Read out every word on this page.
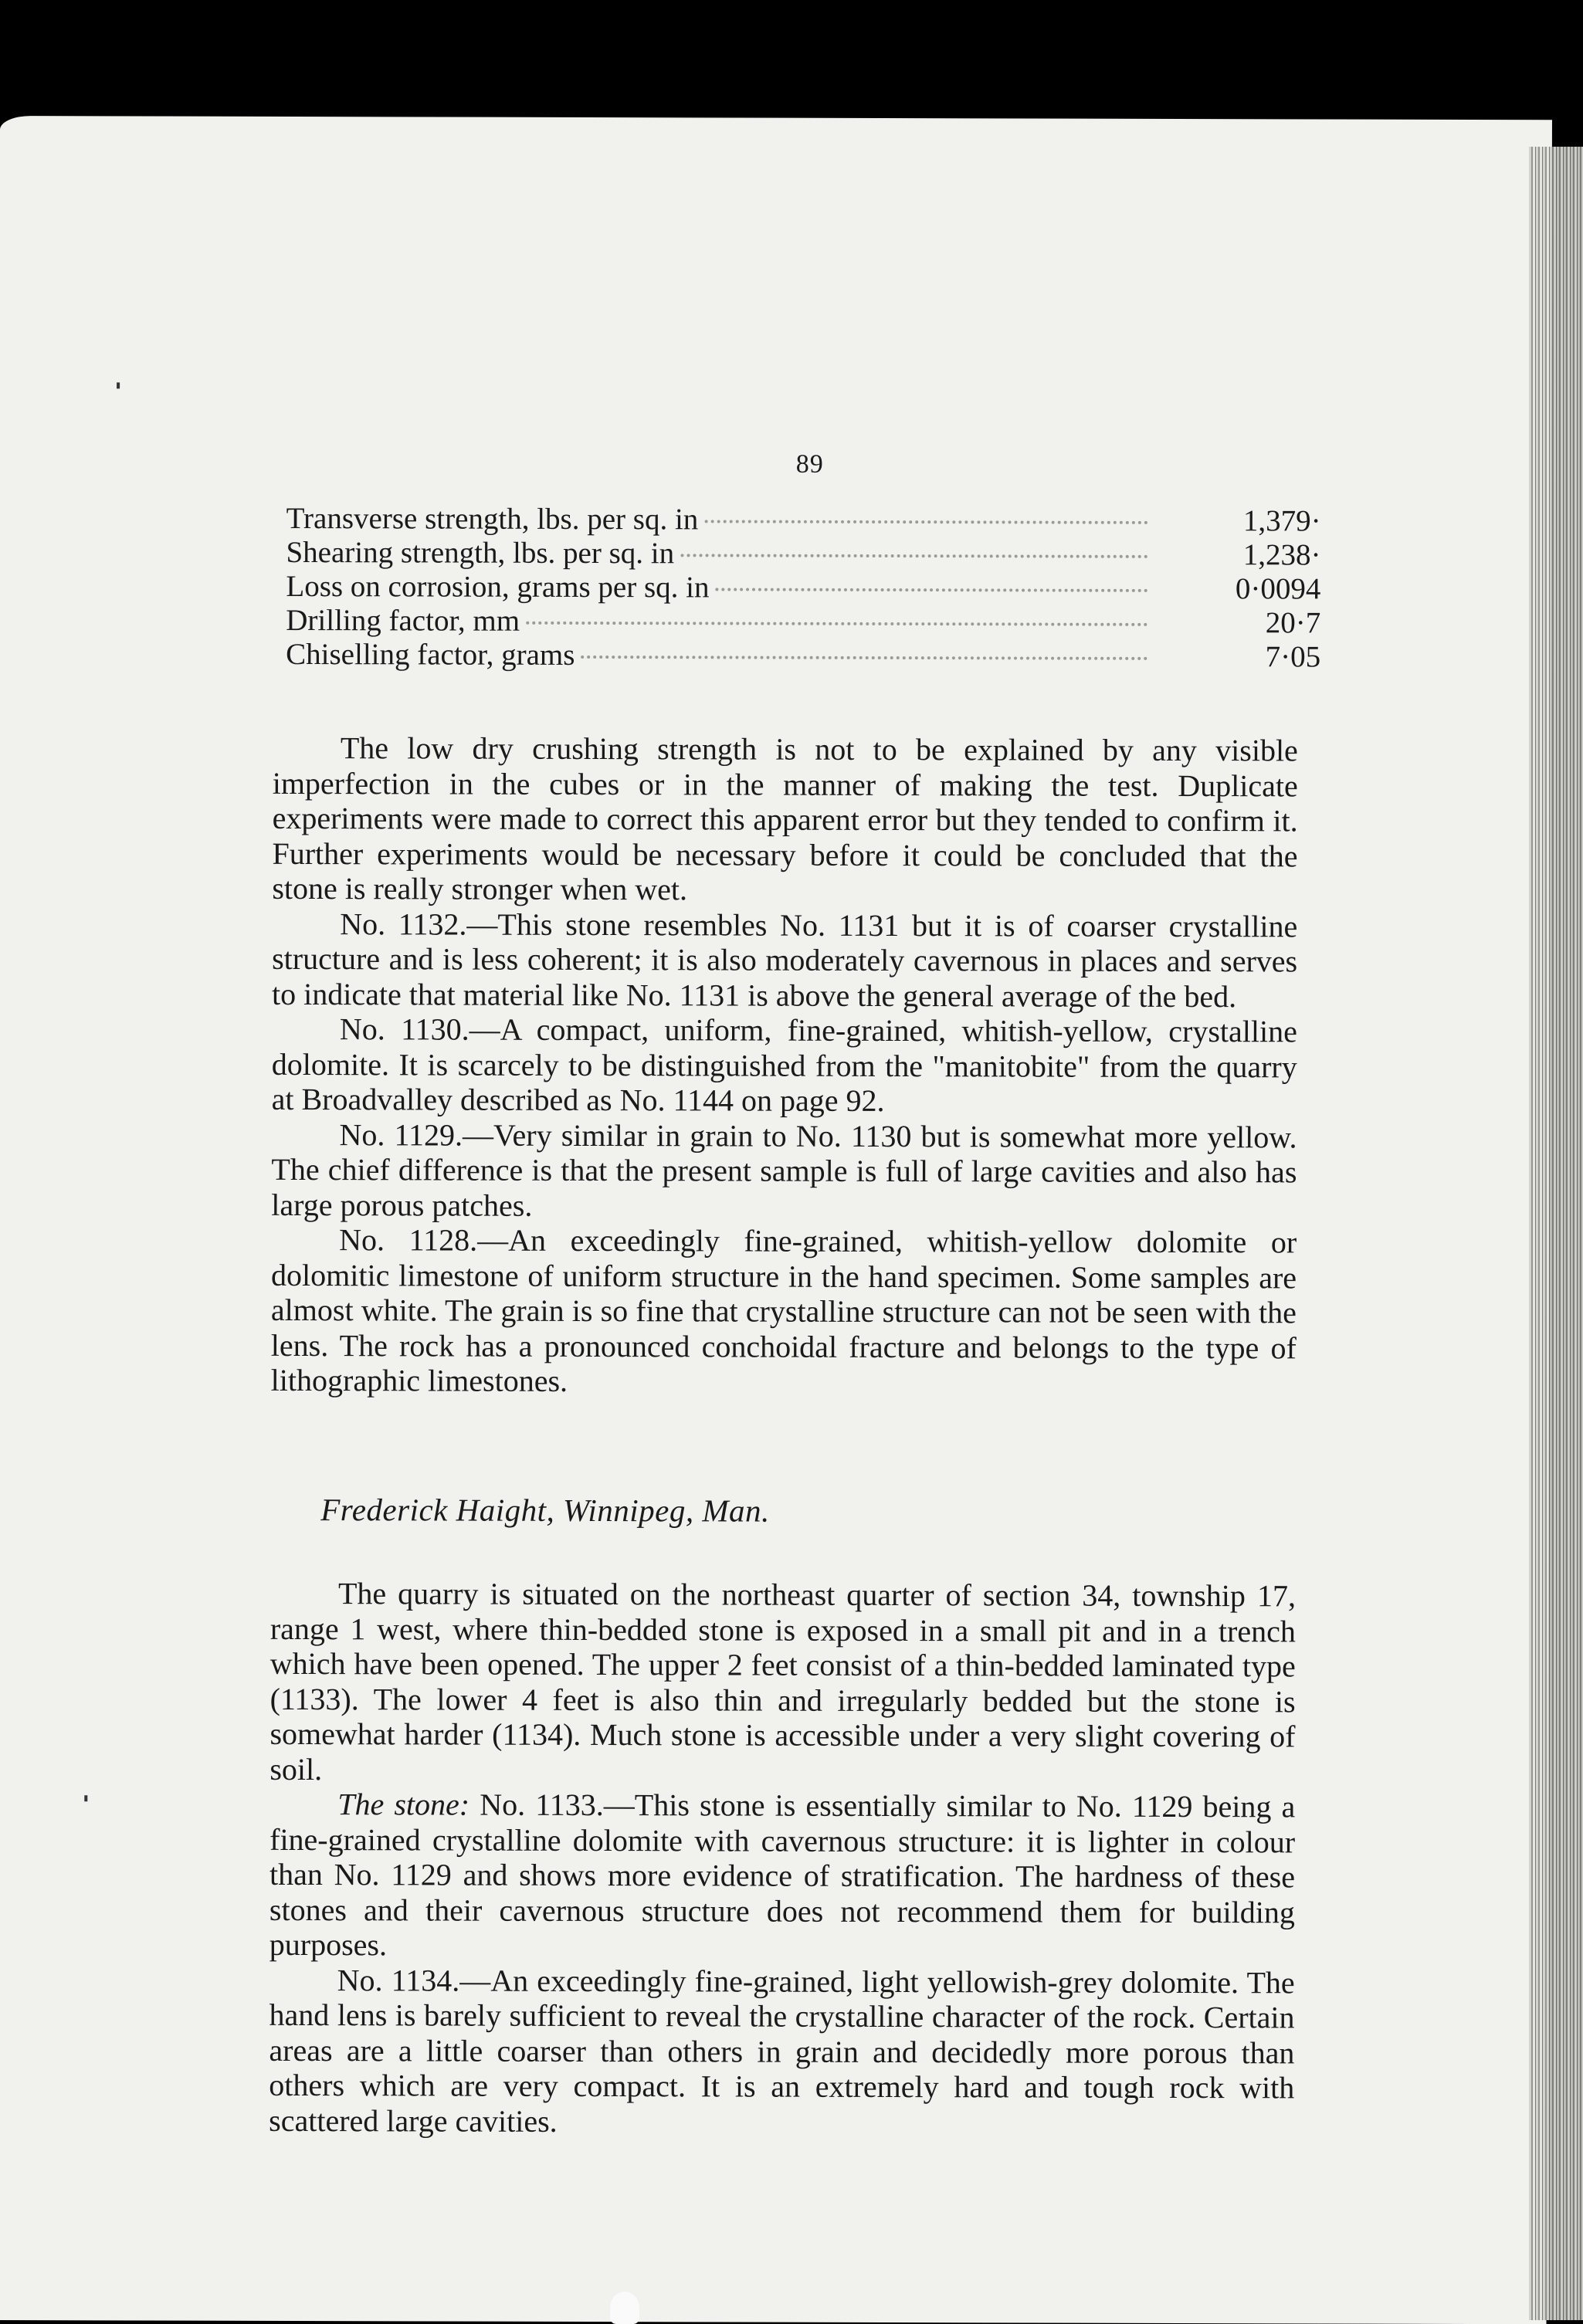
89
Transverse strength, lbs. per sq. in	1,379·
Shearing strength, lbs. per sq. in	1,238·
Loss on corrosion, grams per sq. in	0·0094
Drilling factor, mm	20·7
Chiselling factor, grams	7·05

The low dry crushing strength is not to be explained by any visible imperfection in the cubes or in the manner of making the test. Duplicate experiments were made to correct this apparent error but they tended to confirm it. Further experiments would be necessary before it could be concluded that the stone is really stronger when wet.

No. 1132.—This stone resembles No. 1131 but it is of coarser crystalline structure and is less coherent; it is also moderately cavernous in places and serves to indicate that material like No. 1131 is above the general average of the bed.

No. 1130.—A compact, uniform, fine-grained, whitish-yellow, crystalline dolomite. It is scarcely to be distinguished from the "manitobite" from the quarry at Broadvalley described as No. 1144 on page 92.

No. 1129.—Very similar in grain to No. 1130 but is somewhat more yellow. The chief difference is that the present sample is full of large cavities and also has large porous patches.

No. 1128.—An exceedingly fine-grained, whitish-yellow dolomite or dolomitic limestone of uniform structure in the hand specimen. Some samples are almost white. The grain is so fine that crystalline structure can not be seen with the lens. The rock has a pronounced conchoidal fracture and belongs to the type of lithographic limestones.

Frederick Haight, Winnipeg, Man.

The quarry is situated on the northeast quarter of section 34, township 17, range 1 west, where thin-bedded stone is exposed in a small pit and in a trench which have been opened. The upper 2 feet consist of a thin-bedded laminated type (1133). The lower 4 feet is also thin and irregularly bedded but the stone is somewhat harder (1134). Much stone is accessible under a very slight covering of soil.

The stone: No. 1133.—This stone is essentially similar to No. 1129 being a fine-grained crystalline dolomite with cavernous structure: it is lighter in colour than No. 1129 and shows more evidence of stratification. The hardness of these stones and their cavernous structure does not recommend them for building purposes.

No. 1134.—An exceedingly fine-grained, light yellowish-grey dolomite. The hand lens is barely sufficient to reveal the crystalline character of the rock. Certain areas are a little coarser than others in grain and decidedly more porous than others which are very compact. It is an extremely hard and tough rock with scattered large cavities.
